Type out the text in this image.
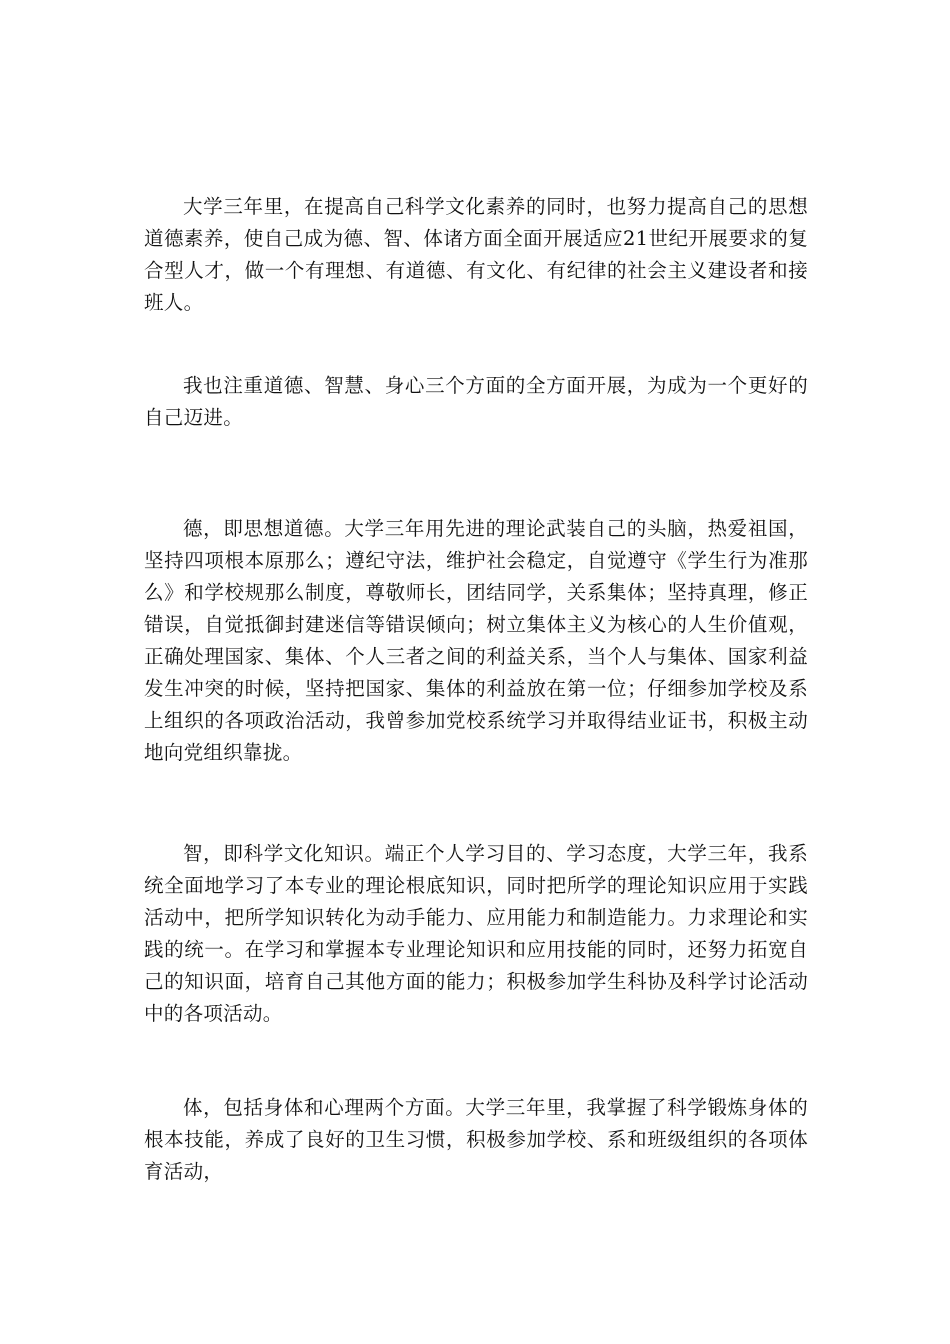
大学三年里，在提高自己科学文化素养的同时，也努力提高自己的思想道德素养，使自己成为德、智、体诸方面全面开展适应21世纪开展要求的复合型人才，做一个有理想、有道德、有文化、有纪律的社会主义建设者和接班人。

我也注重道德、智慧、身心三个方面的全方面开展，为成为一个更好的自己迈进。

德，即思想道德。大学三年用先进的理论武装自己的头脑，热爱祖国，坚持四项根本原那么；遵纪守法，维护社会稳定，自觉遵守《学生行为准那么》和学校规那么制度，尊敬师长，团结同学，关系集体；坚持真理，修正错误，自觉抵御封建迷信等错误倾向；树立集体主义为核心的人生价值观，正确处理国家、集体、个人三者之间的利益关系，当个人与集体、国家利益发生冲突的时候，坚持把国家、集体的利益放在第一位；仔细参加学校及系上组织的各项政治活动，我曾参加党校系统学习并取得结业证书，积极主动地向党组织靠拢。

智，即科学文化知识。端正个人学习目的、学习态度，大学三年，我系统全面地学习了本专业的理论根底知识，同时把所学的理论知识应用于实践活动中，把所学知识转化为动手能力、应用能力和制造能力。力求理论和实践的统一。在学习和掌握本专业理论知识和应用技能的同时，还努力拓宽自己的知识面，培育自己其他方面的能力；积极参加学生科协及科学讨论活动中的各项活动。

体，包括身体和心理两个方面。大学三年里，我掌握了科学锻炼身体的根本技能，养成了良好的卫生习惯，积极参加学校、系和班级组织的各项体育活动，
